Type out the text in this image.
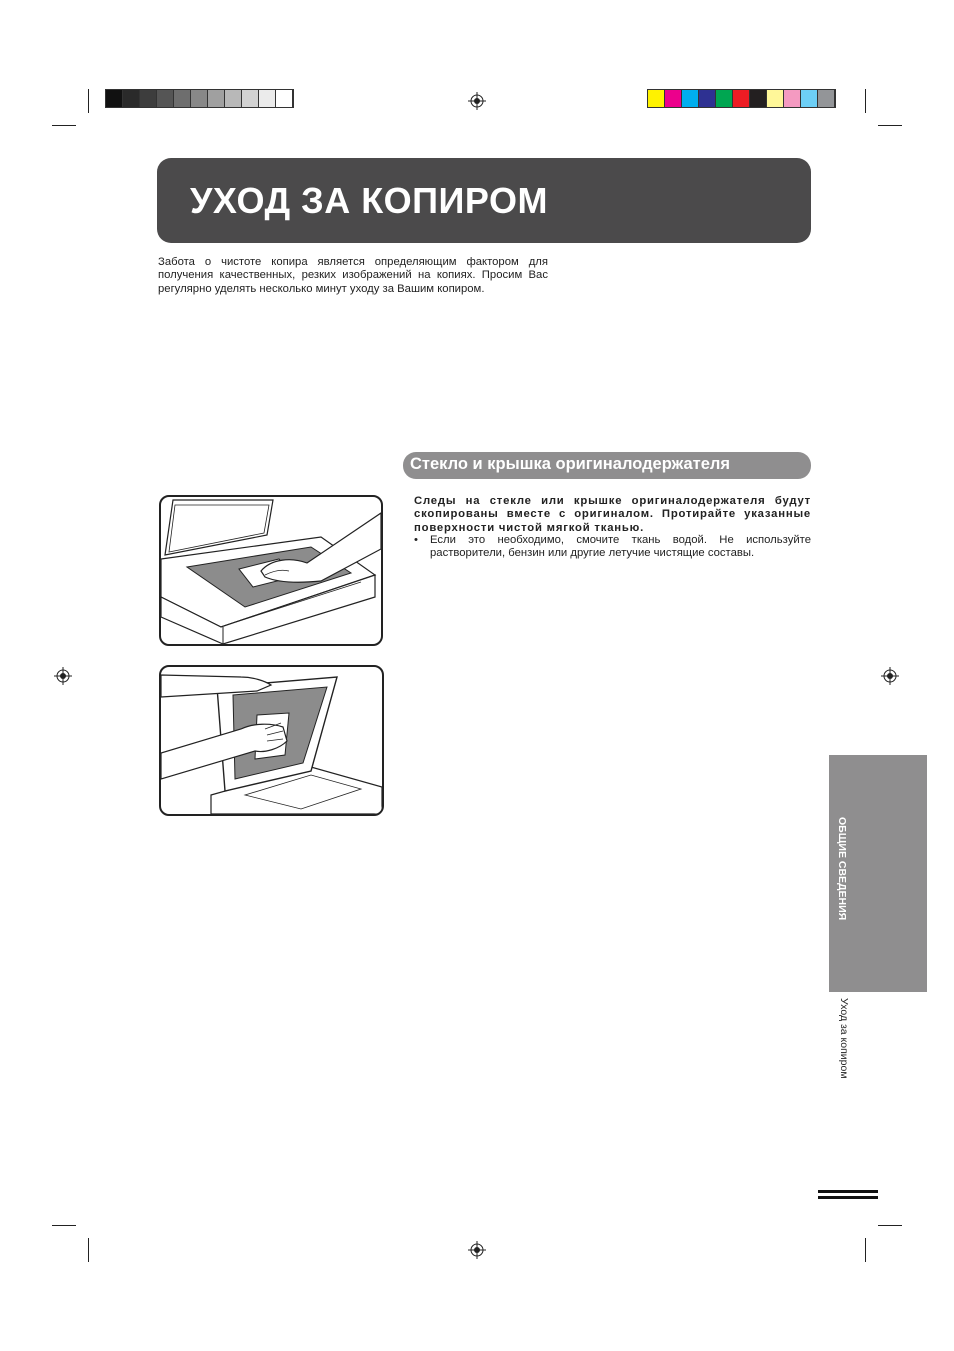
УХОД ЗА КОПИРОМ
Забота о чистоте копира является определяющим фактором для получения качественных, резких изображений на копиях. Просим Вас регулярно уделять несколько минут уходу за Вашим копиром.
Стекло и крышка оригиналодержателя
Следы на стекле или крышке оригиналодержателя будут скопированы вместе с оригиналом. Протирайте указанные поверхности чистой мягкой тканью.
•	Если это необходимо, смочите ткань водой. Не используйте растворители, бензин или другие летучие чистящие составы.
ОБЩИЕ СВЕДЕНИЯ
Уход за копиром
